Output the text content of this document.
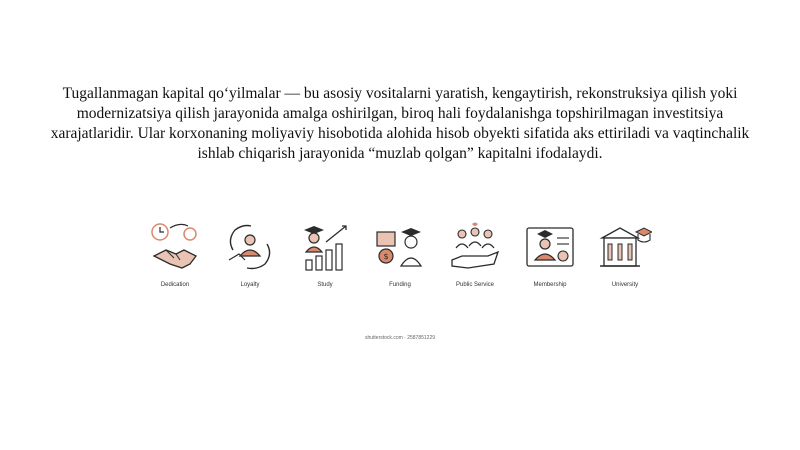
Tugallanmagan kapital qo‘yilmalar — bu asosiy vositalarni yaratish, kengaytirish, rekonstruksiya qilish yoki modernizatsiya qilish jarayonida amalga oshirilgan, biroq hali foydalanishga topshirilmagan investitsiya xarajatlaridir. Ular korxonaning moliyaviy hisobotida alohida hisob obyekti sifatida aks ettiriladi va vaqtinchalik ishlab chiqarish jarayonida “muzlab qolgan” kapitalni ifodalaydi.
Dedication	Loyalty	Study
$
Funding	Public Service	Membership	University
shutterstock.com · 2587851229
